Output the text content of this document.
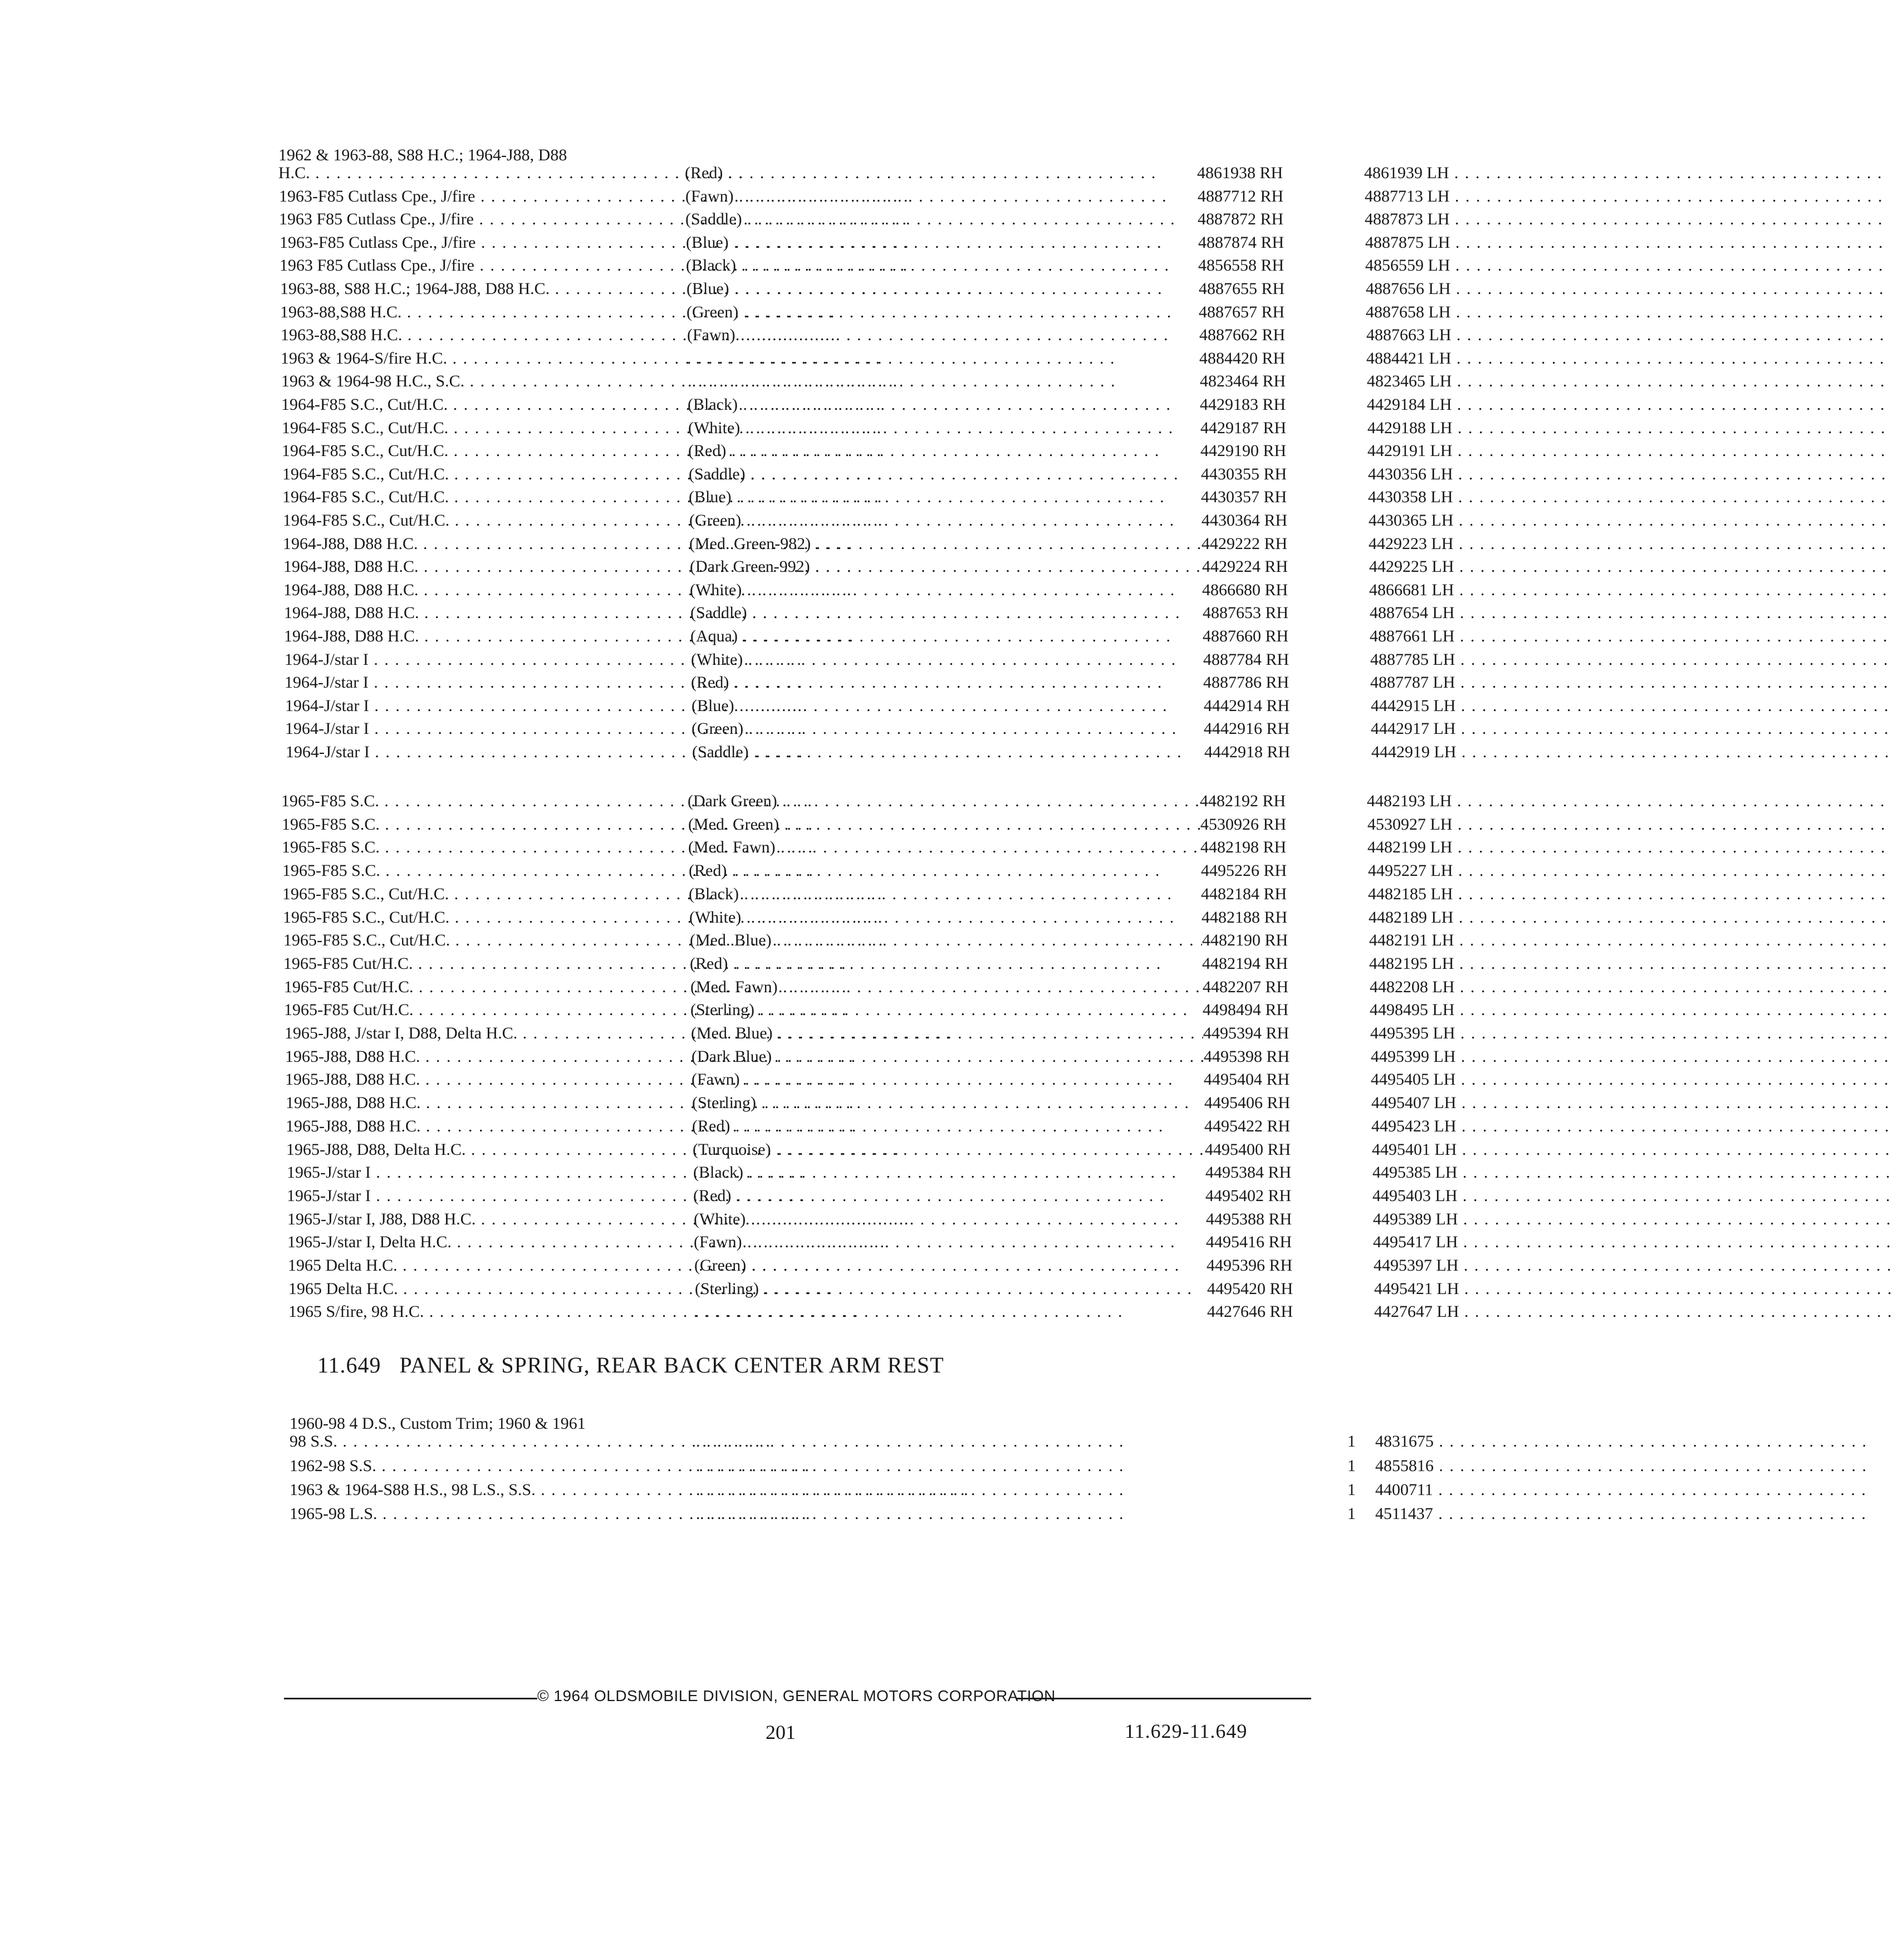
1962 & 1963-88, S88 H.C.; 1964-J88, D88
H.C. . . .	(Red) . . .	4861938 RH	4861939 LH . . .
1963-F85 Cutlass Cpe., J/fire . . .	(Fawn) . . .	4887712 RH	4887713 LH . . .
1963 F85 Cutlass Cpe., J/fire . . .	(Saddle) . . .	4887872 RH	4887873 LH . . .
1963-F85 Cutlass Cpe., J/fire . . .	(Blue) . . .	4887874 RH	4887875 LH . . .
1963 F85 Cutlass Cpe., J/fire . . .	(Black) . . .	4856558 RH	4856559 LH . . .
1963-88, S88 H.C.; 1964-J88, D88 H.C. . . .	(Blue) . . .	4887655 RH	4887656 LH . . .
1963-88,S88 H.C. . . .	(Green) . . .	4887657 RH	4887658 LH . . .
1963-88,S88 H.C. . . .	(Fawn) . . .	4887662 RH	4887663 LH . . .
1963 & 1964-S/fire H.C. . . . . . .	4884420 RH	4884421 LH . . .
1963 & 1964-98 H.C., S.C. . . . . . .	4823464 RH	4823465 LH . . .
1964-F85 S.C., Cut/H.C. . . .	(Black) . . .	4429183 RH	4429184 LH . . .
1964-F85 S.C., Cut/H.C. . . .	(White) . . .	4429187 RH	4429188 LH . . .
1964-F85 S.C., Cut/H.C. . . .	(Red) . . .	4429190 RH	4429191 LH . . .
1964-F85 S.C., Cut/H.C. . . .	(Saddle) . . .	4430355 RH	4430356 LH . . .
1964-F85 S.C., Cut/H.C. . . .	(Blue) . . .	4430357 RH	4430358 LH . . .
1964-F85 S.C., Cut/H.C. . . .	(Green) . . .	4430364 RH	4430365 LH . . .
1964-J88, D88 H.C. . . .	(Med. Green-982) . . .	4429222 RH	4429223 LH . . .
1964-J88, D88 H.C. . . .	(Dark Green-992) . . .	4429224 RH	4429225 LH . . .
1964-J88, D88 H.C. . . .	(White) . . .	4866680 RH	4866681 LH . . .
1964-J88, D88 H.C. . . .	(Saddle) . . .	4887653 RH	4887654 LH . . .
1964-J88, D88 H.C. . . .	(Aqua) . . .	4887660 RH	4887661 LH . . .
1964-J/star I . . .	(White) . . .	4887784 RH	4887785 LH . . .
1964-J/star I . . .	(Red) . . .	4887786 RH	4887787 LH . . .
1964-J/star I . . .	(Blue) . . .	4442914 RH	4442915 LH . . .
1964-J/star I . . .	(Green) . . .	4442916 RH	4442917 LH . . .
1964-J/star I . . .	(Saddle) . . .	4442918 RH	4442919 LH . . .
1965-F85 S.C. . . .	(Dark Green) . . .	4482192 RH	4482193 LH . . .
1965-F85 S.C. . . .	(Med. Green) . . .	4530926 RH	4530927 LH . . .
1965-F85 S.C. . . .	(Med. Fawn) . . .	4482198 RH	4482199 LH . . .
1965-F85 S.C. . . .	(Red) . . .	4495226 RH	4495227 LH . . .
1965-F85 S.C., Cut/H.C. . . .	(Black) . . .	4482184 RH	4482185 LH . . .
1965-F85 S.C., Cut/H.C. . . .	(White) . . .	4482188 RH	4482189 LH . . .
1965-F85 S.C., Cut/H.C. . . .	(Med. Blue) . . .	4482190 RH	4482191 LH . . .
1965-F85 Cut/H.C. . . .	(Red) . . .	4482194 RH	4482195 LH . . .
1965-F85 Cut/H.C. . . .	(Med. Fawn) . . .	4482207 RH	4482208 LH . . .
1965-F85 Cut/H.C. . . .	(Sterling) . . .	4498494 RH	4498495 LH . . .
1965-J88, J/star I, D88, Delta H.C. . . .	(Med. Blue) . . .	4495394 RH	4495395 LH . . .
1965-J88, D88 H.C. . . .	(Dark Blue) . . .	4495398 RH	4495399 LH . . .
1965-J88, D88 H.C. . . .	(Fawn) . . .	4495404 RH	4495405 LH . . .
1965-J88, D88 H.C. . . .	(Sterling) . . .	4495406 RH	4495407 LH . . .
1965-J88, D88 H.C. . . .	(Red) . . .	4495422 RH	4495423 LH . . .
1965-J88, D88, Delta H.C. . . .	(Turquoise) . . .	4495400 RH	4495401 LH . . .
1965-J/star I . . .	(Black) . . .	4495384 RH	4495385 LH . . .
1965-J/star I . . .	(Red) . . .	4495402 RH	4495403 LH . . .
1965-J/star I, J88, D88 H.C. . . .	(White) . . .	4495388 RH	4495389 LH . . .
1965-J/star I, Delta H.C. . . .	(Fawn) . . .	4495416 RH	4495417 LH . . .
1965 Delta H.C. . . .	(Green) . . .	4495396 RH	4495397 LH . . .
1965 Delta H.C. . . .	(Sterling) . . .	4495420 RH	4495421 LH . . .
1965 S/fire, 98 H.C. . . . . . .	4427646 RH	4427647 LH . . .
11.649 PANEL & SPRING, REAR BACK CENTER ARM REST
1960-98 4 D.S., Custom Trim; 1960 & 1961
98 S.S. . . . . . .	1	4831675 . . .
1962-98 S.S. . . . . . .	1	4855816 . . .
1963 & 1964-S88 H.S., 98 L.S., S.S. . . . . . .	1	4400711 . . .
1965-98 L.S. . . . . . .	1	4511437 . . .
© 1964 OLDSMOBILE DIVISION, GENERAL MOTORS CORPORATION
201	11.629-11.649
